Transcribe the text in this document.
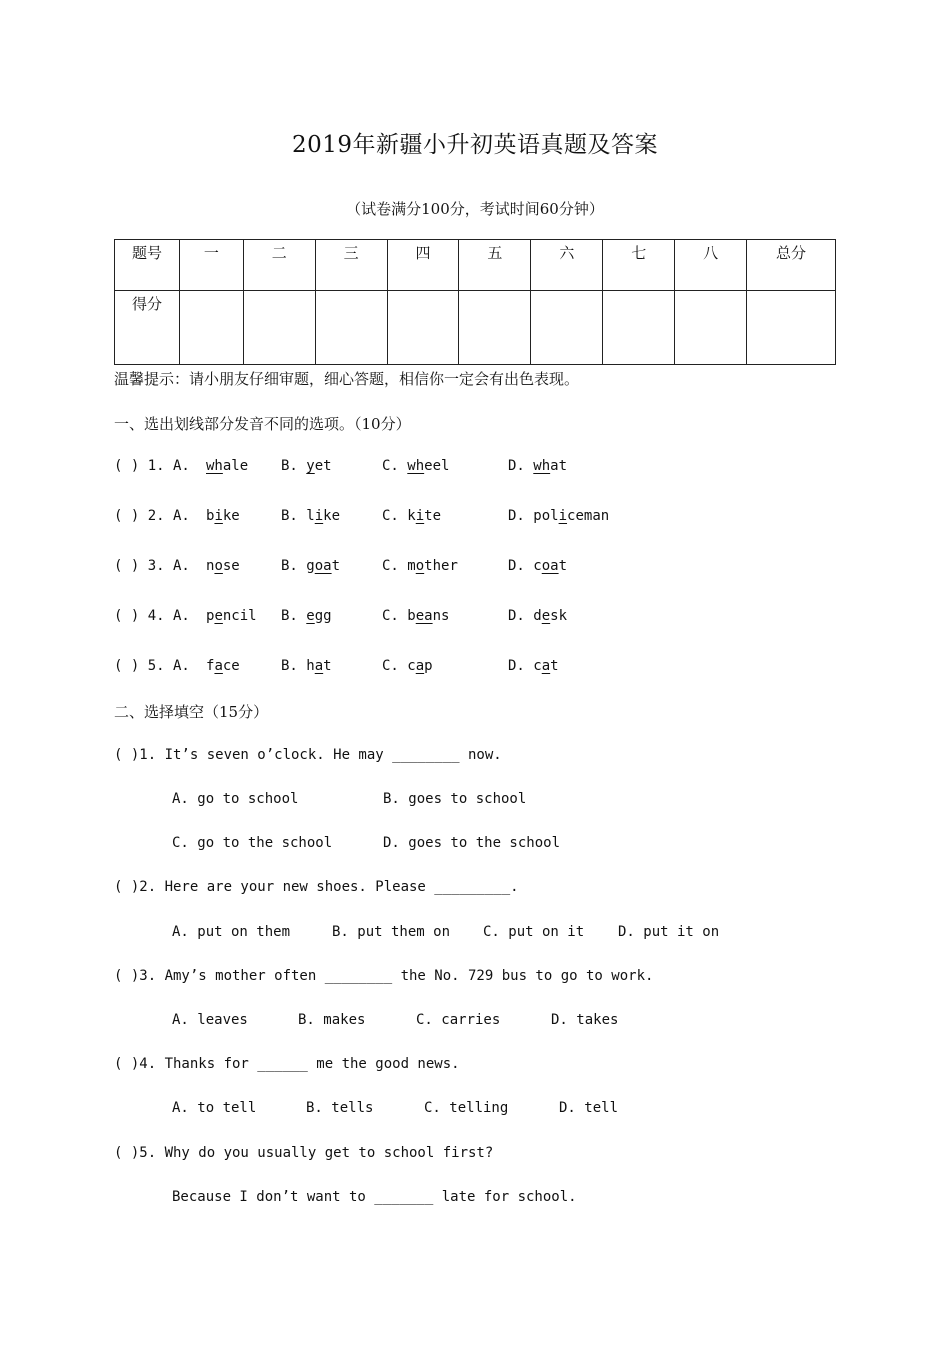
2019年新疆小升初英语真题及答案
（试卷满分100分，考试时间60分钟）
题号	一	二	三	四	五	六	七	八	总分
得分									
温馨提示：请小朋友仔细审题，细心答题，相信你一定会有出色表现。
一、选出划线部分发音不同的选项。（10分）
( ) 1. A. whale B. yet	C. wheel	D. what
( ) 2. A. bike	B. like	C. kite	D. policeman
( ) 3. A. nose	B. goat	C. mother	D. coat
( ) 4. A. pencil B. egg	C. beans	D. desk
( ) 5. A. face	B. hat	C. cap	D. cat
二、选择填空（15分）
( )1. It’s seven o’clock. He may ________ now.
A. go to school	B. goes to school
C. go to the school	D. goes to the school
( )2. Here are your new shoes. Please _________.
A. put on them	B. put them on C. put on it D. put it on
( )3. Amy’s mother often ________ the No. 729 bus to go to work.
A. leaves	B. makes	C. carries	D. takes
( )4. Thanks for ______ me the good news.
A. to tell	B. tells	C. telling	D. tell
( )5. Why do you usually get to school first?
Because I don’t want to _______ late for school.
